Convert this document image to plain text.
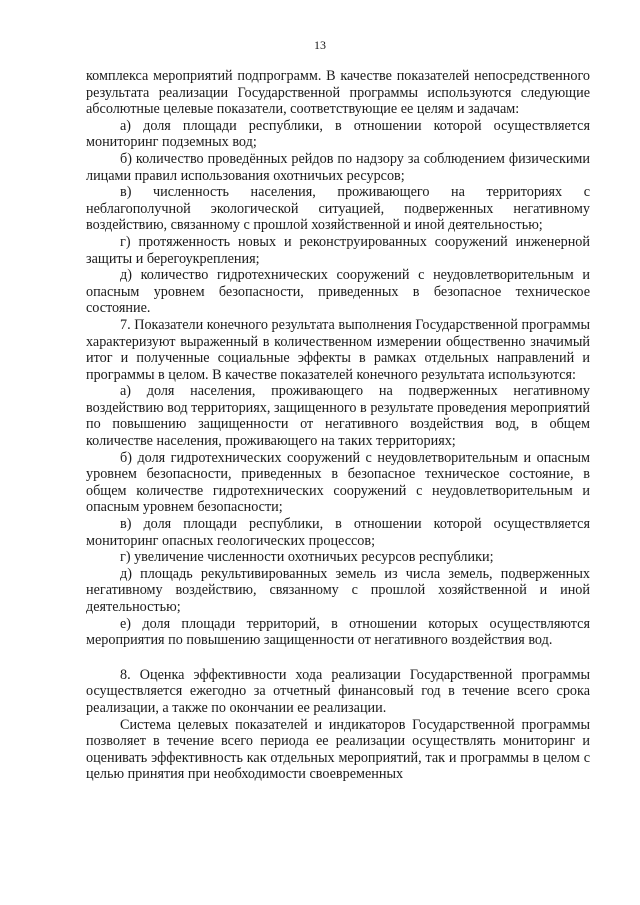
13

комплекса мероприятий подпрограмм. В качестве показателей непосредственного результата реализации Государственной программы используются следующие абсолютные целевые показатели, соответствующие ее целям и задачам:

а) доля площади республики, в отношении которой осуществляется мониторинг подземных вод;

б) количество проведённых рейдов по надзору за соблюдением физическими лицами правил использования охотничьих ресурсов;

в) численность населения, проживающего на территориях с неблагополучной экологической ситуацией, подверженных негативному воздействию, связанному с прошлой хозяйственной и иной деятельностью;

г) протяженность новых и реконструированных сооружений инженерной защиты и берегоукрепления;

д) количество гидротехнических сооружений с неудовлетворительным и опасным уровнем безопасности, приведенных в безопасное техническое состояние.

7. Показатели конечного результата выполнения Государственной программы характеризуют выраженный в количественном измерении общественно значимый итог и полученные социальные эффекты в рамках отдельных направлений и программы в целом. В качестве показателей конечного результата используются:

а) доля населения, проживающего на подверженных негативному воздействию вод территориях, защищенного в результате проведения мероприятий по повышению защищенности от негативного воздействия вод, в общем количестве населения, проживающего на таких территориях;

б) доля гидротехнических сооружений с неудовлетворительным и опасным уровнем безопасности, приведенных в безопасное техническое состояние, в общем количестве гидротехнических сооружений с неудовлетворительным и опасным уровнем безопасности;

в) доля площади республики, в отношении которой осуществляется мониторинг опасных геологических процессов;

г) увеличение численности охотничьих ресурсов республики;

д) площадь рекультивированных земель из числа земель, подверженных негативному воздействию, связанному с прошлой хозяйственной и иной деятельностью;

е) доля площади территорий, в отношении которых осуществляются мероприятия по повышению защищенности от негативного воздействия вод.

8. Оценка эффективности хода реализации Государственной программы осуществляется ежегодно за отчетный финансовый год в течение всего срока реализации, а также по окончании ее реализации.

Система целевых показателей и индикаторов Государственной программы позволяет в течение всего периода ее реализации осуществлять мониторинг и оценивать эффективность как отдельных мероприятий, так и программы в целом с целью принятия при необходимости своевременных
